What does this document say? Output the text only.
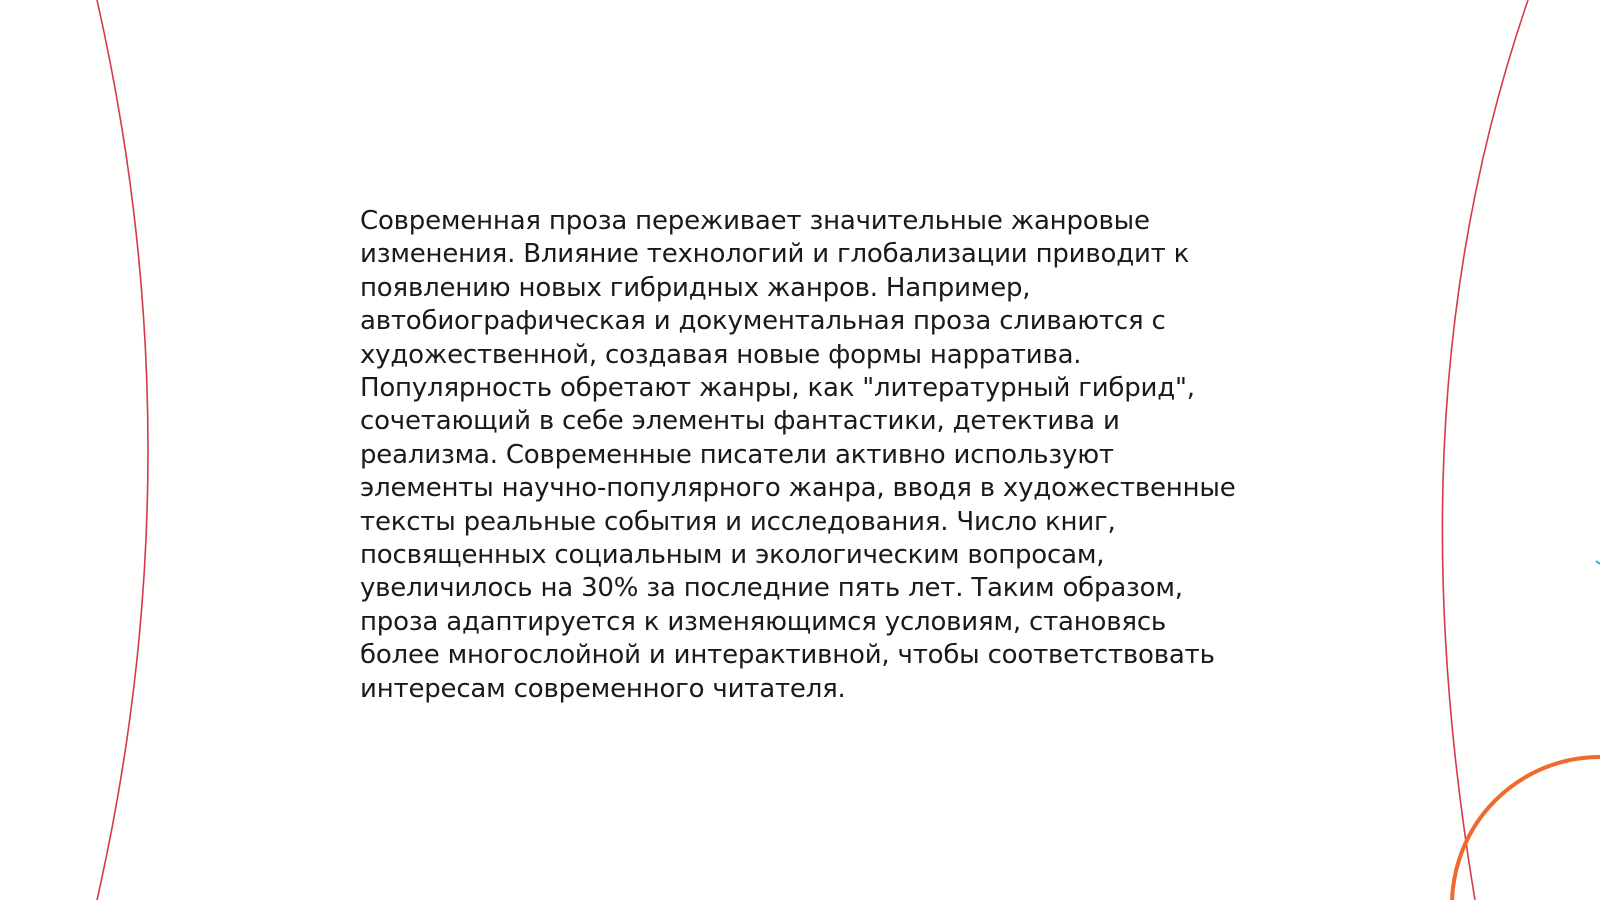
Современная проза переживает значительные жанровые
изменения. Влияние технологий и глобализации приводит к
появлению новых гибридных жанров. Например,
автобиографическая и документальная проза сливаются с
художественной, создавая новые формы нарратива.
Популярность обретают жанры, как "литературный гибрид",
сочетающий в себе элементы фантастики, детектива и
реализма. Современные писатели активно используют
элементы научно-популярного жанра, вводя в художественные
тексты реальные события и исследования. Число книг,
посвященных социальным и экологическим вопросам,
увеличилось на 30% за последние пять лет. Таким образом,
проза адаптируется к изменяющимся условиям, становясь
более многослойной и интерактивной, чтобы соответствовать
интересам современного читателя.
